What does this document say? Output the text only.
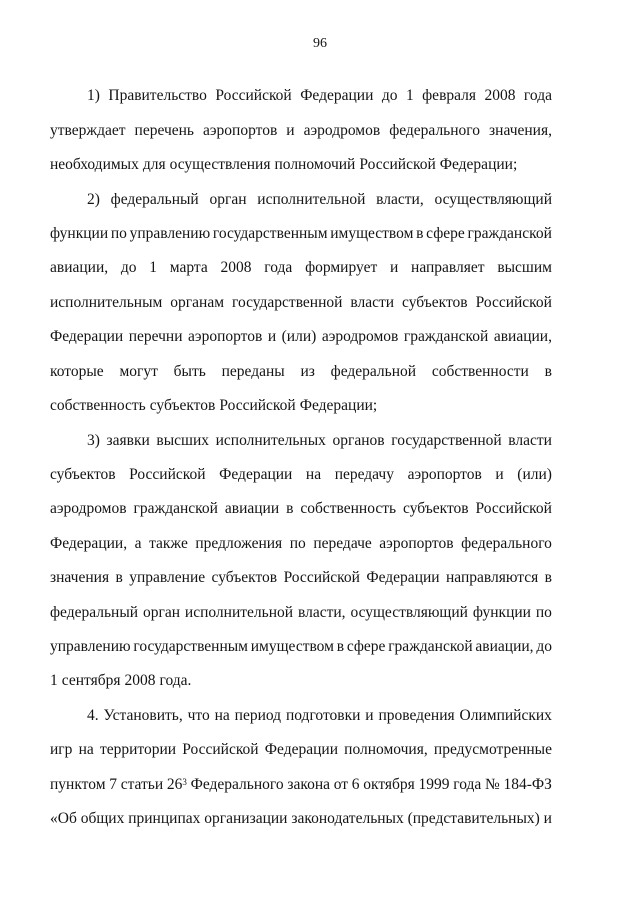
96
1) Правительство Российской Федерации до 1 февраля 2008 года
утверждает перечень аэропортов и аэродромов федерального значения,
необходимых для осуществления полномочий Российской Федерации;
2) федеральный орган исполнительной власти, осуществляющий
функции по управлению государственным имуществом в сфере гражданской
авиации, до 1 марта 2008 года формирует и направляет высшим
исполнительным органам государственной власти субъектов Российской
Федерации перечни аэропортов и (или) аэродромов гражданской авиации,
которые могут быть переданы из федеральной собственности в
собственность субъектов Российской Федерации;
3) заявки высших исполнительных органов государственной власти
субъектов Российской Федерации на передачу аэропортов и (или)
аэродромов гражданской авиации в собственность субъектов Российской
Федерации, а также предложения по передаче аэропортов федерального
значения в управление субъектов Российской Федерации направляются в
федеральный орган исполнительной власти, осуществляющий функции по
управлению государственным имуществом в сфере гражданской авиации, до
1 сентября 2008 года.
4. Установить, что на период подготовки и проведения Олимпийских
игр на территории Российской Федерации полномочия, предусмотренные
пунктом 7 статьи $26^3$ Федерального закона от 6 октября 1999 года № 184-ФЗ
«Об общих принципах организации законодательных (представительных) и
